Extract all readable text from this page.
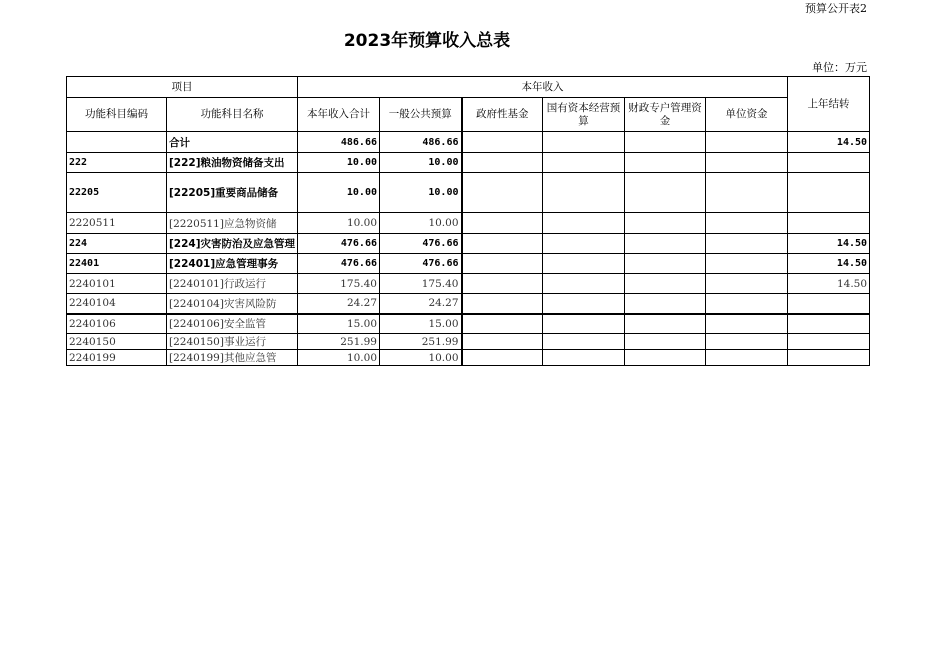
预算公开表2
2023年预算收入总表
单位：万元
项目		本年收入						上年结转
功能科目编码	功能科目名称	本年收入合计	一般公共预算	政府性基金	国有资本经营预算	财政专户管理资金	单位资金	
	合计	486.66	486.66					14.50
222	[222]粮油物资储备支出	10.00	10.00					
22205	[22205]重要商品储备	10.00	10.00					
2220511	[2220511]应急物资储	10.00	10.00					
224	[224]灾害防治及应急管理	476.66	476.66					14.50
22401	[22401]应急管理事务	476.66	476.66					14.50
2240101	[2240101]行政运行	175.40	175.40					14.50
2240104	[2240104]灾害风险防	24.27	24.27					
2240106	[2240106]安全监管	15.00	15.00					
2240150	[2240150]事业运行	251.99	251.99					
2240199	[2240199]其他应急管	10.00	10.00					
